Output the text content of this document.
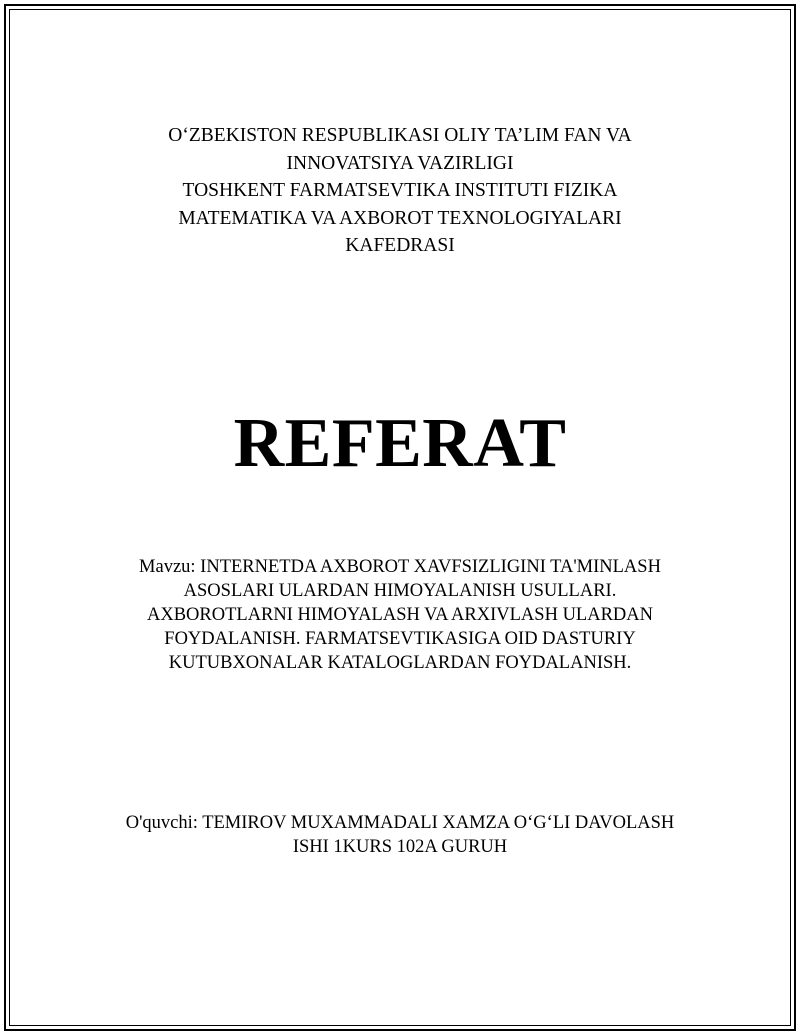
O‘ZBEKISTON RESPUBLIKASI OLIY TA’LIM FAN VA
INNOVATSIYA VAZIRLIGI
TOSHKENT FARMATSEVTIKA INSTITUTI FIZIKA
MATEMATIKA VA AXBOROT TEXNOLOGIYALARI
KAFEDRASI
REFERAT
Mavzu: INTERNETDA AXBOROT XAVFSIZLIGINI TA'MINLASH
ASOSLARI ULARDAN HIMOYALANISH USULLARI.
AXBOROTLARNI HIMOYALASH VA ARXIVLASH ULARDAN
FOYDALANISH. FARMATSEVTIKASIGA OID DASTURIY
KUTUBXONALAR KATALOGLARDAN FOYDALANISH.
O'quvchi: TEMIROV MUXAMMADALI XAMZA O‘G‘LI DAVOLASH
ISHI 1KURS 102A GURUH
